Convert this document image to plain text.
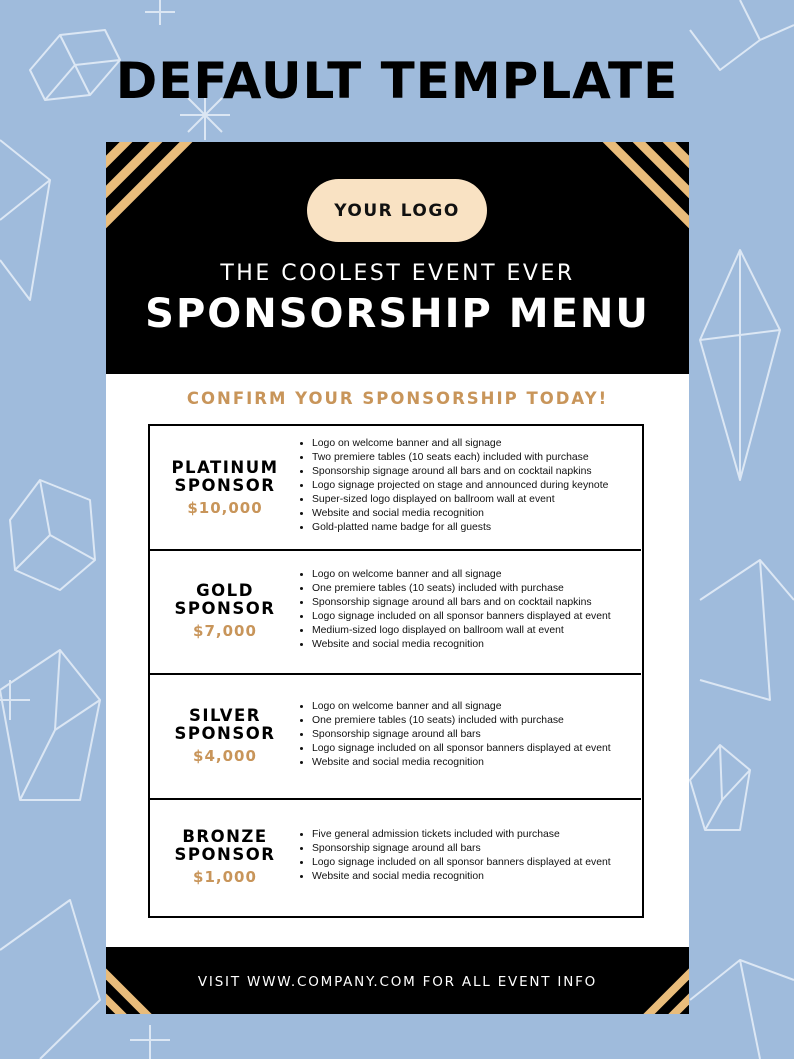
DEFAULT TEMPLATE
YOUR LOGO
THE COOLEST EVENT EVER
SPONSORSHIP MENU
CONFIRM YOUR SPONSORSHIP TODAY!
PLATINUM
SPONSOR
$10,000
• Logo on welcome banner and all signage
• Two premiere tables (10 seats each) included with purchase
• Sponsorship signage around all bars and on cocktail napkins
• Logo signage projected on stage and announced during keynote
• Super-sized logo displayed on ballroom wall at event
• Website and social media recognition
• Gold-platted name badge for all guests
GOLD
SPONSOR
$7,000
• Logo on welcome banner and all signage
• One premiere tables (10 seats) included with purchase
• Sponsorship signage around all bars and on cocktail napkins
• Logo signage included on all sponsor banners displayed at event
• Medium-sized logo displayed on ballroom wall at event
• Website and social media recognition
SILVER
SPONSOR
$4,000
• Logo on welcome banner and all signage
• One premiere tables (10 seats) included with purchase
• Sponsorship signage around all bars
• Logo signage included on all sponsor banners displayed at event
• Website and social media recognition
BRONZE
SPONSOR
$1,000
• Five general admission tickets included with purchase
• Sponsorship signage around all bars
• Logo signage included on all sponsor banners displayed at event
• Website and social media recognition
VISIT WWW.COMPANY.COM FOR ALL EVENT INFO
